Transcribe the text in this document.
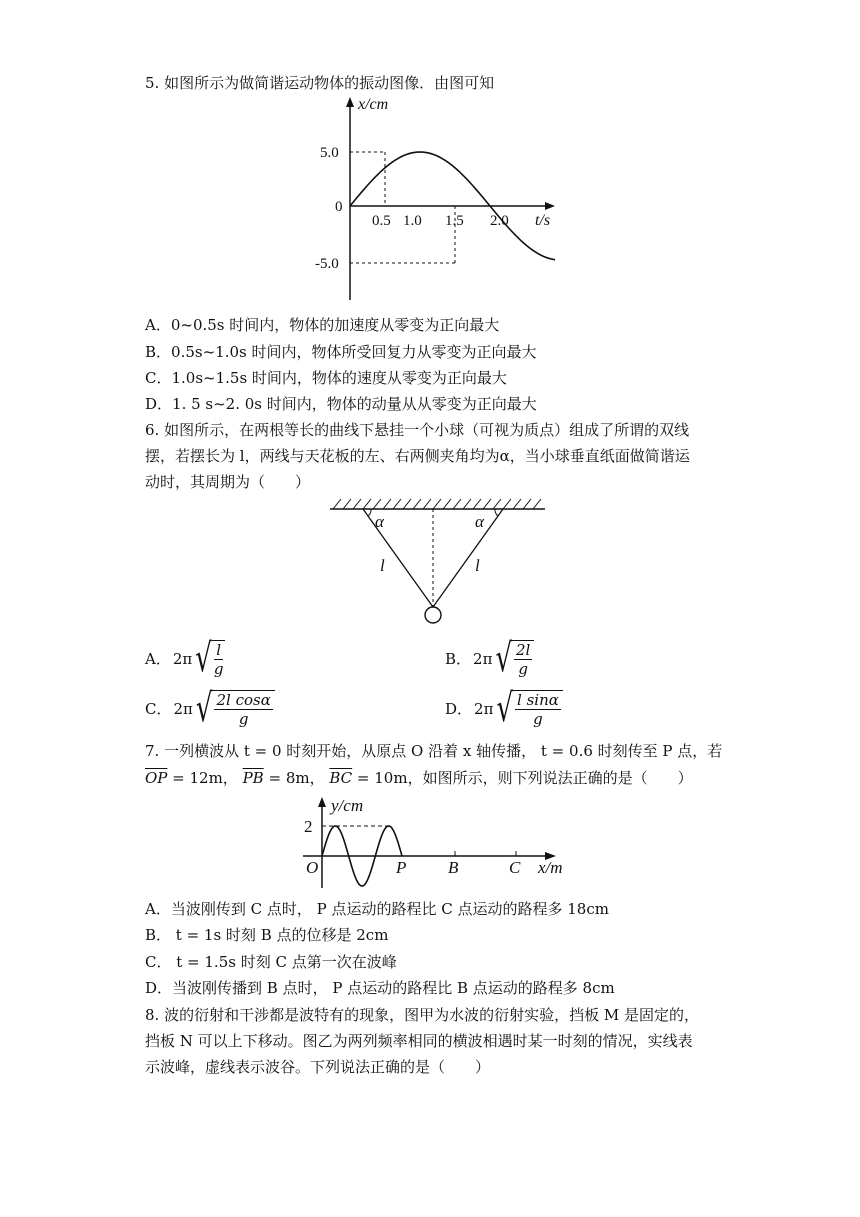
5. 如图所示为做简谐运动物体的振动图像．由图可知
x/cm
5.0
0
-5.0
0.5 1.0 1.5 2.0 t/s
A．0~0.5s 时间内，物体的加速度从零变为正向最大
B．0.5s~1.0s 时间内，物体所受回复力从零变为正向最大
C．1.0s~1.5s 时间内，物体的速度从零变为正向最大
D．1. 5 s~2. 0s 时间内，物体的动量从从零变为正向最大
6. 如图所示，在两根等长的曲线下悬挂一个小球（可视为质点）组成了所谓的双线
摆，若摆长为 l，两线与天花板的左、右两侧夹角均为α，当小球垂直纸面做简谐运
动时，其周期为（　　）
α	α
l	l
A． 2π √ $\frac{l}{g}$	B． 2π √ $\frac{2l}{g}$
C． 2π √ $\frac{\text{2l cosα}}{g}$	D． 2π √ $\frac{\text{l sinα}}{g}$
7. 一列横波从 t = 0 时刻开始，从原点 O 沿着 x 轴传播， t = 0.6 时刻传至 P 点，若
$\overline{OP} = 12m$， $\overline{PB} = 8m$， $\overline{BC} = 10m$，如图所示，则下列说法正确的是（　　）
y/cm
2
O	P B	C x/m
A．当波刚传到 C 点时， P 点运动的路程比 C 点运动的路程多 18cm
B． t = 1s 时刻 B 点的位移是 2cm
C． t = 1.5s 时刻 C 点第一次在波峰
D．当波刚传播到 B 点时， P 点运动的路程比 B 点运动的路程多 8cm
8. 波的衍射和干涉都是波特有的现象，图甲为水波的衍射实验，挡板 M 是固定的，
挡板 N 可以上下移动。图乙为两列频率相同的横波相遇时某一时刻的情况，实线表
示波峰，虚线表示波谷。下列说法正确的是（　　）
